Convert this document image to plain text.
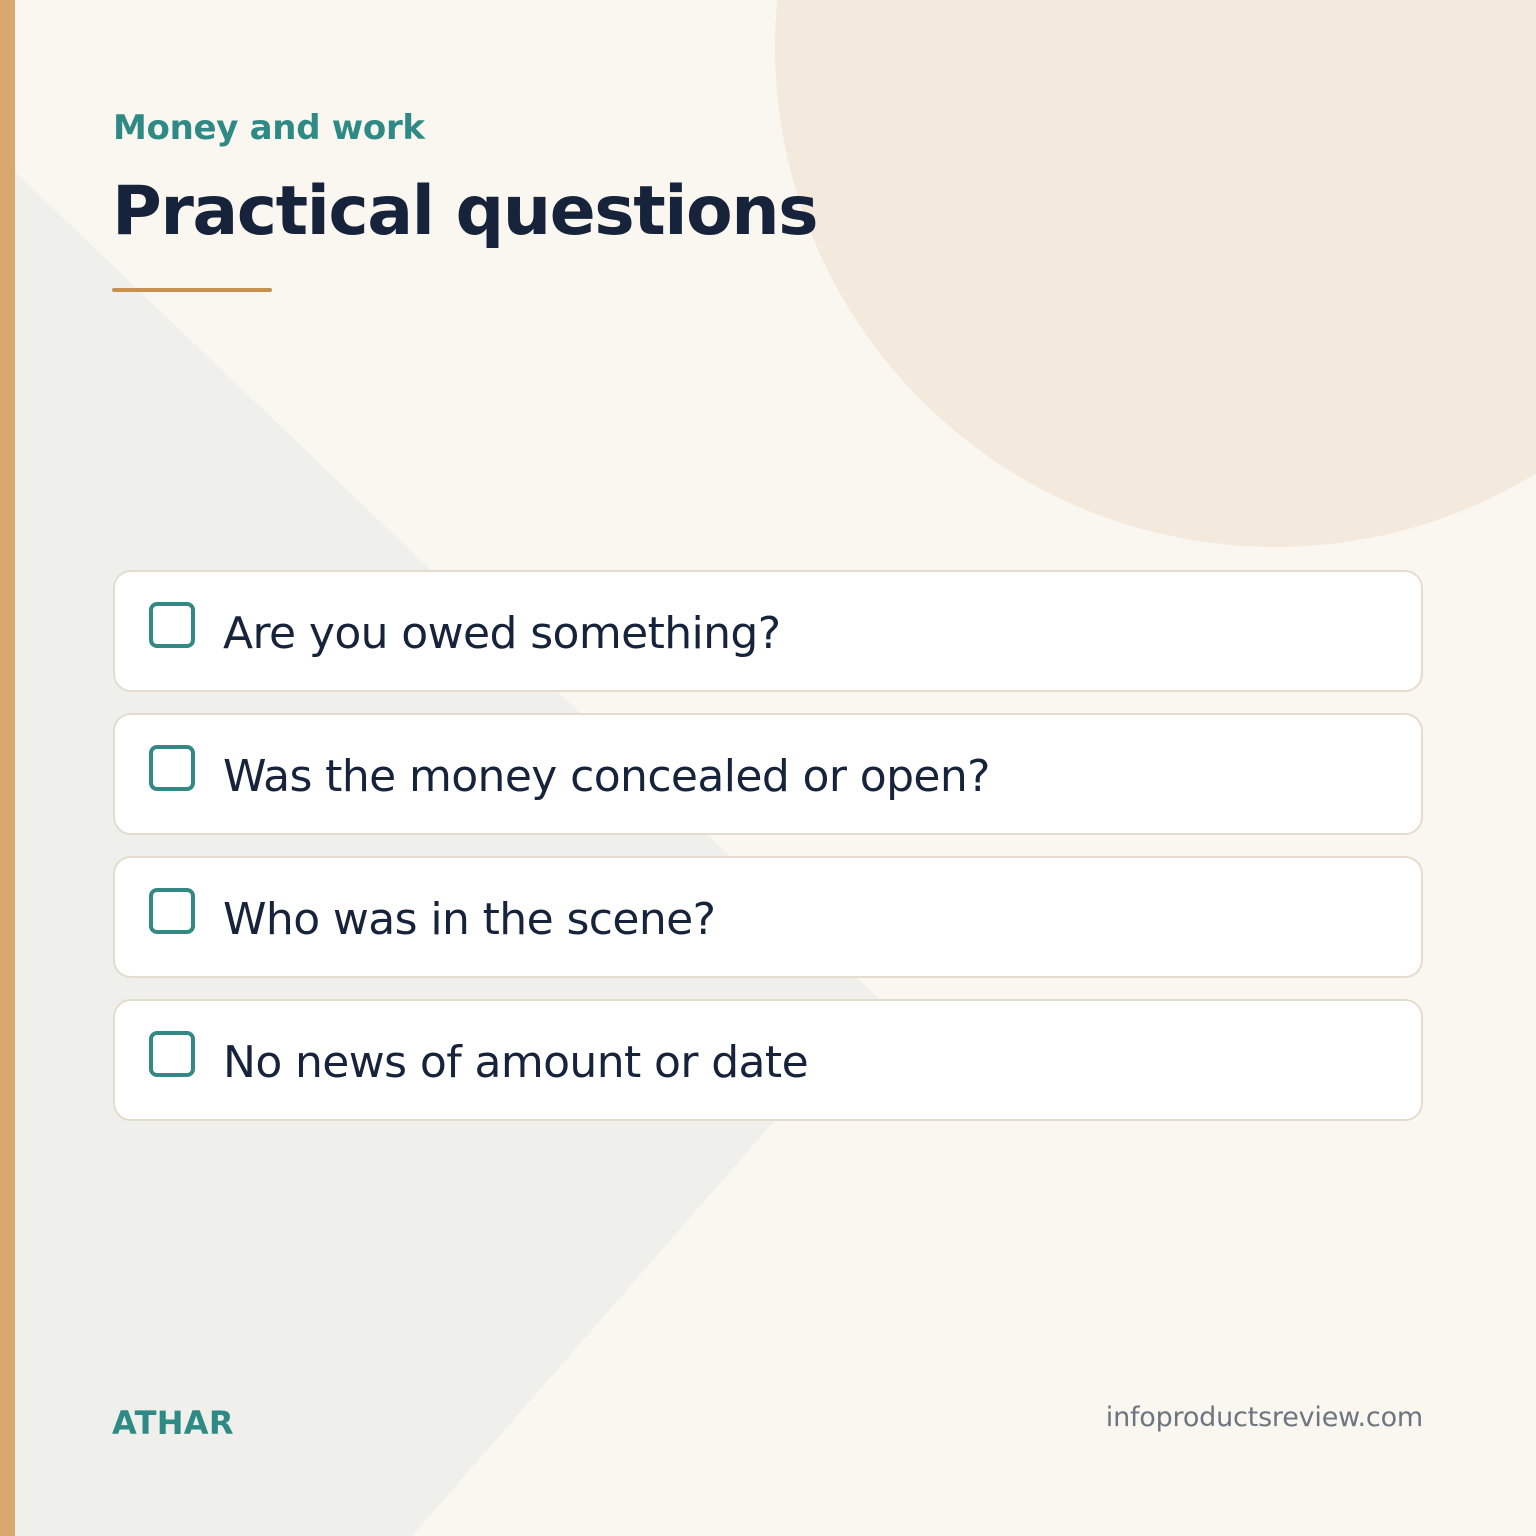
Money and work
Practical questions
Are you owed something?
Was the money concealed or open?
Who was in the scene?
No news of amount or date
ATHAR	infoproductsreview.com
